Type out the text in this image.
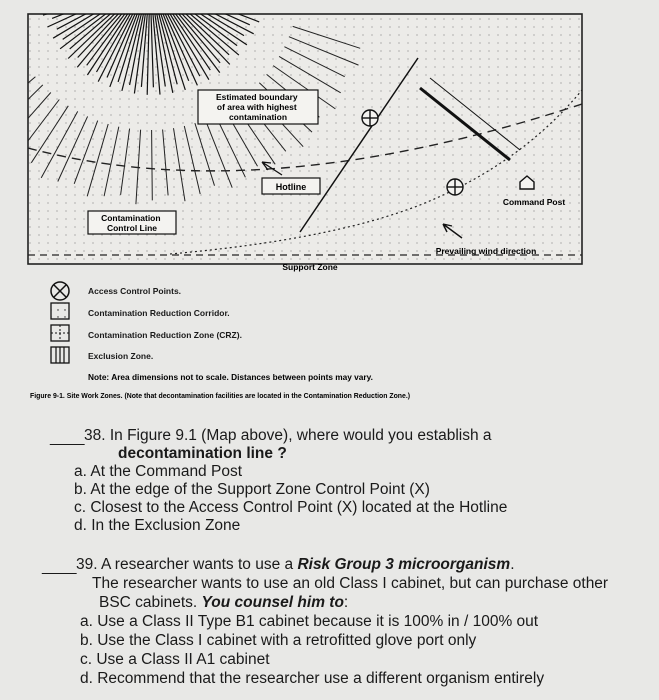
Estimated boundary of area with highest contamination
Hotline
Contamination Control Line
Command Post
Prevailing wind direction
Support Zone
Access Control Points. Contamination Reduction Corridor. Contamination Reduction Zone (CRZ). Exclusion Zone.
Note: Area dimensions not to scale. Distances between points may vary.
Figure 9-1. Site Work Zones. (Note that decontamination facilities are located in the Contamination Reduction Zone.)
____ 38. In Figure 9.1 (Map above), where would you establish a
decontamination line ?
a. At the Command Post
b. At the edge of the Support Zone Control Point (X)
c. Closest to the Access Control Point (X) located at the Hotline
d. In the Exclusion Zone
____ 39. A researcher wants to use a Risk Group 3 microorganism.
The researcher wants to use an old Class I cabinet, but can purchase other
BSC cabinets. You counsel him to:
a. Use a Class II Type B1 cabinet because it is 100% in / 100% out
b. Use the Class I cabinet with a retrofitted glove port only
c. Use a Class II A1 cabinet
d. Recommend that the researcher use a different organism entirely
